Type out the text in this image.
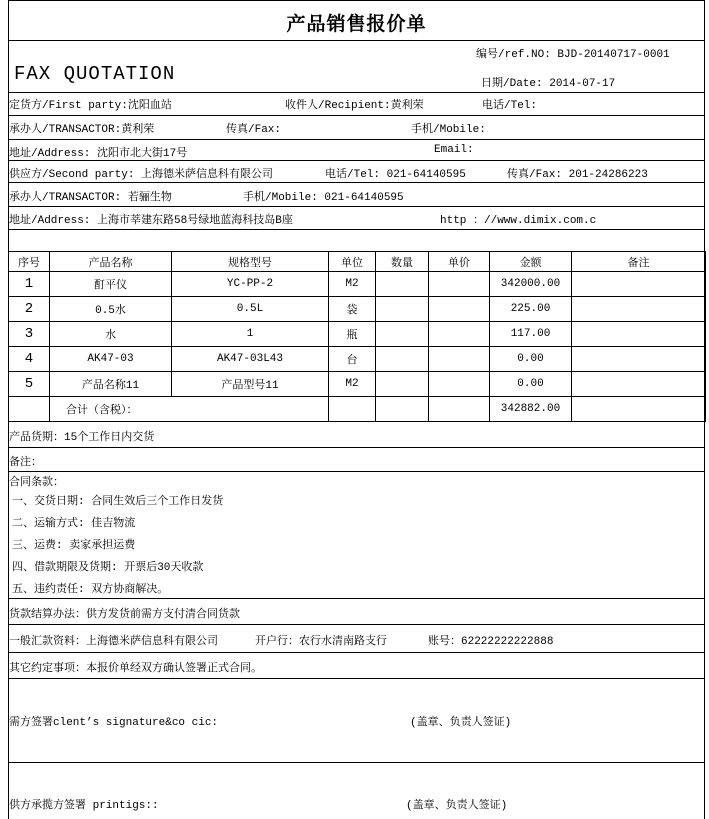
产品销售报价单
编号/ref.NO: BJD-20140717-0001
FAX QUOTATION	日期/Date: 2014-07-17
定货方/First party:沈阳血站	收件人/Recipient:黄利荣	电话/Tel:
承办人/TRANSACTOR:黄利荣	传真/Fax:	手机/Mobile:
地址/Address: 沈阳市北大街17号	Email:
供应方/Second party: 上海德米萨信息科有限公司	电话/Tel: 021-64140595	传真/Fax: 201-24286223
承办人/TRANSACTOR: 若骊生物	手机/Mobile: 021-64140595
地址/Address: 上海市莘建东路58号绿地蓝海科技岛B座	http ：//www.dimix.com.c
序号	产品名称	规格型号	单位	数量	单价	金额	备注
1	酊平仪	YC-PP-2	M2			342000.00	
2	0.5水	0.5L	袋			225.00	
3	水	1	瓶			117.00	
4	AK47-03	AK47-03L43	台			0.00	
5	产品名称11	产品型号11	M2			0.00	
	合计（含税）：					342882.00	
产品货期：15个工作日内交货
备注：
合同条款：
一、交货日期: 合同生效后三个工作日发货
二、运输方式: 佳吉物流
三、运费: 卖家承担运费
四、借款期限及货期: 开票后30天收款
五、违约责任: 双方协商解决。
货款结算办法：供方发货前需方支付清合同货款
一般汇款资料：上海德米萨信息科有限公司	开户行：农行水清南路支行	账号：62222222222888
其它约定事项：本报价单经双方确认签署正式合同。
需方签署clent’s signature&co cic:	(盖章、负责人签证)
供方承揽方签署 printigs::	(盖章、负责人签证)
